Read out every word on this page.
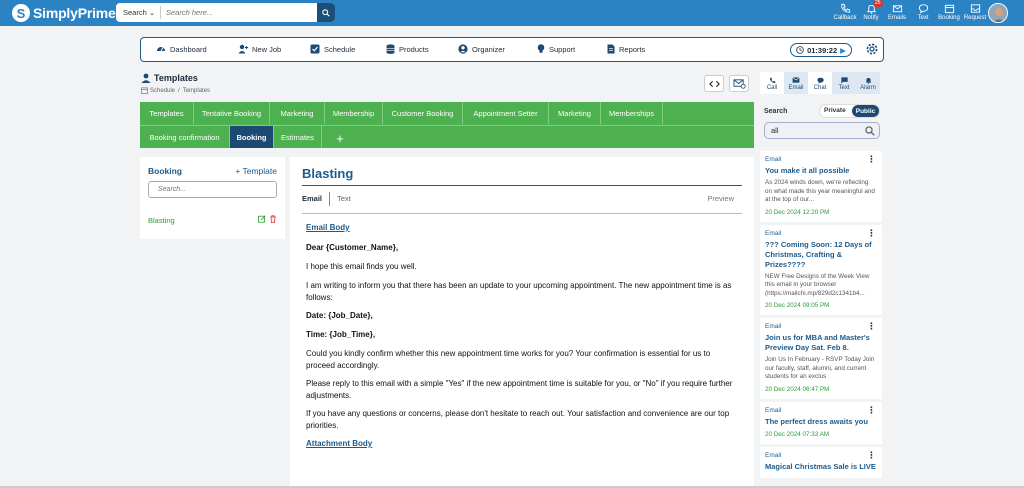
S SimplyPrime Search ⌄
Search here...
Callback
25
Notify Emails Text Booking Request
Dashboard	New Job	Schedule	Products	Organizer	Support	Reports	01:39:22 ▶
Templates
Schedule / Templates
Templates	Tentative Booking	Marketing	Membership	Customer Booking	Appointment Setter	Marketing	Memberships
Booking confirmation	Booking	Estimates	+
Booking	+ Template
Search...
Blasting
Blasting
Email Text	Preview
Email Body
Dear {Customer_Name},
I hope this email finds you well.
I am writing to inform you that there has been an update to your upcoming appointment. The new appointment time is as follows:
Date: {Job_Date},
Time: {Job_Time},
Could you kindly confirm whether this new appointment time works for you? Your confirmation is essential for us to proceed accordingly.
Please reply to this email with a simple "Yes" if the new appointment time is suitable for you, or "No" if you require further adjustments.
If you have any questions or concerns, please don't hesitate to reach out. Your satisfaction and convenience are our top priorities.
Attachment Body
Call Email Chat Text Alarm
Search	Private	Public
all
Email	⋮
You make it all possible
As 2024 winds down, we're reflecting on what made this year meaningful and at the top of our...
20 Dec 2024 12:20 PM
Email	⋮
??? Coming Soon: 12 Days of Christmas, Crafting & Prizes????
NEW Free Designs of the Week View this email in your browser (https://mailchi.mp/829d2c1341b4...
20 Dec 2024 09:05 PM
Email	⋮
Join us for MBA and Master's Preview Day Sat. Feb 8.
Join Us In February - RSVP Today Join our faculty, staff, alumni, and current students for an exclus
20 Dec 2024 06:47 PM
Email	⋮
The perfect dress awaits you
20 Dec 2024 07:33 AM
Email	⋮
Magical Christmas Sale is LIVE
